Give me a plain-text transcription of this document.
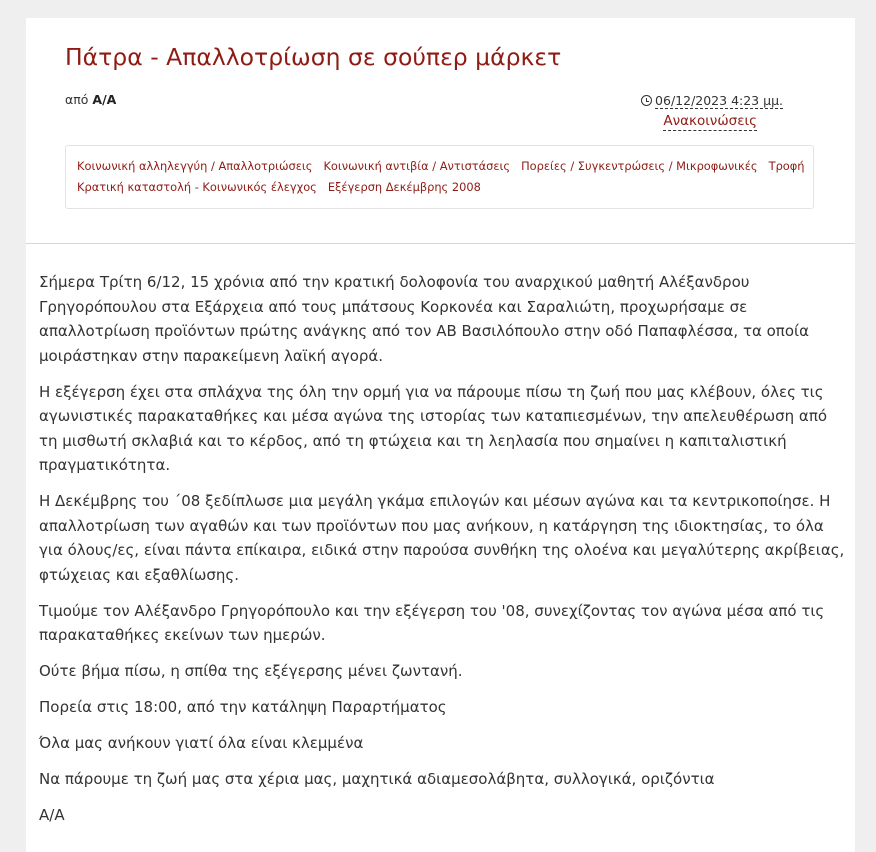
Πάτρα - Απαλλοτρίωση σε σούπερ μάρκετ
από A/A	06/12/2023 4:23 μμ.
Ανακοινώσεις
Κοινωνική αλληλεγγύη / Απαλλοτριώσεις Κοινωνική αντιβία / Αντιστάσεις Πορείες / Συγκεντρώσεις / Μικροφωνικές Τροφή
Κρατική καταστολή - Κοινωνικός έλεγχος Εξέγερση Δεκέμβρης 2008

Σήμερα Τρίτη 6/12, 15 χρόνια από την κρατική δολοφονία του αναρχικού μαθητή Αλέξανδρου Γρηγορόπουλου στα Εξάρχεια από τους μπάτσους Κορκονέα και Σαραλιώτη, προχωρήσαμε σε απαλλοτρίωση προϊόντων πρώτης ανάγκης από τον ΑΒ Βασιλόπουλο στην οδό Παπαφλέσσα, τα οποία μοιράστηκαν στην παρακείμενη λαϊκή αγορά.

Η εξέγερση έχει στα σπλάχνα της όλη την ορμή για να πάρουμε πίσω τη ζωή που μας κλέβουν, όλες τις αγωνιστικές παρακαταθήκες και μέσα αγώνα της ιστορίας των καταπιεσμένων, την απελευθέρωση από τη μισθωτή σκλαβιά και το κέρδος, από τη φτώχεια και τη λεηλασία που σημαίνει η καπιταλιστική πραγματικότητα.

Η Δεκέμβρης του ΄08 ξεδίπλωσε μια μεγάλη γκάμα επιλογών και μέσων αγώνα και τα κεντρικοποίησε. Η απαλλοτρίωση των αγαθών και των προϊόντων που μας ανήκουν, η κατάργηση της ιδιοκτησίας, το όλα για όλους/ες, είναι πάντα επίκαιρα, ειδικά στην παρούσα συνθήκη της ολοένα και μεγαλύτερης ακρίβειας, φτώχειας και εξαθλίωσης.

Τιμούμε τον Αλέξανδρο Γρηγορόπουλο και την εξέγερση του '08, συνεχίζοντας τον αγώνα μέσα από τις παρακαταθήκες εκείνων των ημερών.

Ούτε βήμα πίσω, η σπίθα της εξέγερσης μένει ζωντανή.

Πορεία στις 18:00, από την κατάληψη Παραρτήματος

Όλα μας ανήκουν γιατί όλα είναι κλεμμένα

Να πάρουμε τη ζωή μας στα χέρια μας, μαχητικά αδιαμεσολάβητα, συλλογικά, οριζόντια

A/A
